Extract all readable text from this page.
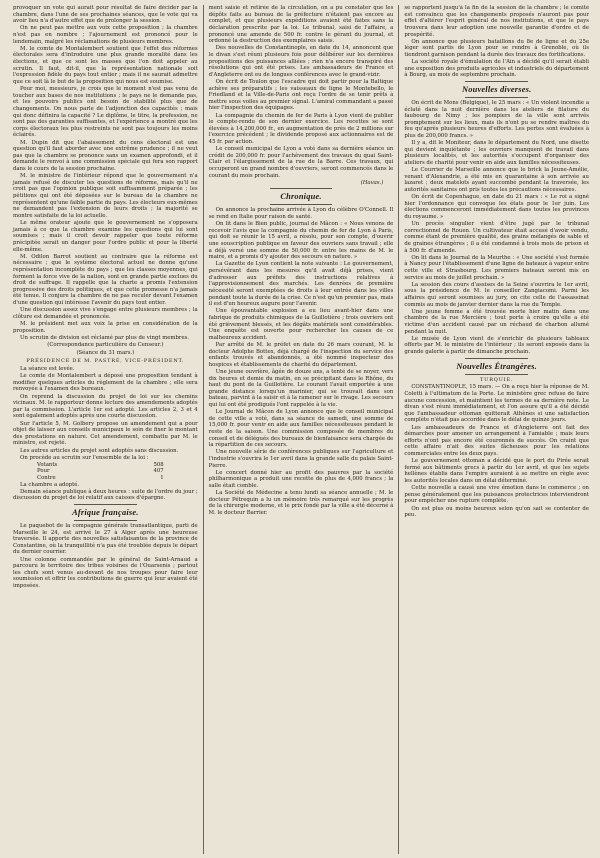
provoquer un vote qui aurait pour résultat de faire décider par la chambre, dans l'une de ses prochaines séances, que le vote qui va avoir lieu n'a d'autre effet que de prolonger la session.

On ne peut pas mettre aux voix cette proposition ; la chambre n'est pas en nombre ; l'ajournement est prononcé pour le lendemain, malgré les réclamations de plusieurs membres.

M. le comte de Montalembert soutient que l'effet des réformes électorales sera d'introduire une plus grande moralité dans les élections, et que ce sont les masses que l'on doit appeler au scrutin. Il faut, dit-il, que la représentation nationale soit l'expression fidèle du pays tout entier ; mais il ne saurait admettre que ce soit là le but de la proposition qui nous est soumise.

Pour moi, messieurs, je crois que le moment n'est pas venu de toucher aux bases de nos institutions ; le pays ne le demande pas, et les pouvoirs publics ont besoin de stabilité plus que de changements. On nous parle de l'adjonction des capacités ; mais qui donc définira la capacité ? Le diplôme, le titre, la profession, ne sont pas des garanties suffisantes, et l'expérience a montré que les corps électoraux les plus restreints ne sont pas toujours les moins éclairés.

M. Dupin dit que l'abaissement du cens électoral est une question qu'il faut aborder avec une extrême prudence ; il ne veut pas que la chambre se prononce sans un examen approfondi, et il demande le renvoi à une commission spéciale qui fera son rapport dans le cours de la session prochaine.

M. le ministre de l'intérieur répond que le gouvernement n'a jamais refusé de discuter les questions de réforme, mais qu'il ne croit pas que l'opinion publique soit suffisamment préparée ; les pétitions qui ont été déposées sur le bureau de la chambre ne représentent qu'une faible partie du pays. Les électeurs eux-mêmes ne demandent pas l'extension de leurs droits ; la majorité se montre satisfaite de la loi actuelle.

Le même orateur ajoute que le gouvernement ne s'opposera jamais à ce que la chambre examine les questions qui lui sont soumises ; mais il croit devoir rappeler que toute réforme précipitée serait un danger pour l'ordre public et pour la liberté elle-même.

M. Odilon Barrot soutient au contraire que la réforme est nécessaire ; que le système électoral actuel ne donne qu'une représentation incomplète du pays ; que les classes moyennes, qui forment la force vive de la nation, sont en grande partie exclues du droit de suffrage. Il rappelle que la charte a promis l'extension progressive des droits politiques, et que cette promesse n'a jamais été tenue. Il conjure la chambre de ne pas reculer devant l'examen d'une question qui intéresse l'avenir du pays tout entier.

Une discussion assez vive s'engage entre plusieurs membres ; la clôture est demandée et prononcée.

M. le président met aux voix la prise en considération de la proposition.

Un scrutin de division est réclamé par plus de vingt membres.

(Correspondance particulière du Censeur.)
(Séance du 31 mars.)
PRÉSIDENCE DE M. PASTRÉ, VICE-PRÉSIDENT.

La séance est levée.

Le comte de Montalembert a déposé une proposition tendant à modifier quelques articles du règlement de la chambre ; elle sera renvoyée à l'examen des bureaux.

On reprend la discussion du projet de loi sur les chemins vicinaux. M. le rapporteur donne lecture des amendements adoptés par la commission. L'article 1er est adopté. Les articles 2, 3 et 4 sont également adoptés après une courte discussion.

Sur l'article 5, M. Golbery propose un amendement qui a pour objet de laisser aux conseils municipaux le soin de fixer le montant des prestations en nature. Cet amendement, combattu par M. le ministre, est rejeté.

Les autres articles du projet sont adoptés sans discussion.

On procède au scrutin sur l'ensemble de la loi :

Votants	508
Pour	407
Contre	1

La chambre a adopté.

Demain séance publique à deux heures : suite de l'ordre du jour ; discussion du projet de loi relatif aux caisses d'épargne.

Afrique française.

Le paquebot de la compagnie générale transatlantique, parti de Marseille le 24, est arrivé le 27 à Alger après une heureuse traversée. Il apporte des nouvelles satisfaisantes de la province de Constantine, où la tranquillité n'a pas été troublée depuis le départ du dernier courrier.

Une colonne commandée par le général de Saint-Arnaud a parcouru le territoire des tribus voisines de l'Ouarsenis ; partout les chefs sont venus au-devant de nos troupes pour faire leur soumission et offrir les contributions de guerre qui leur avaient été imposées.

ment saisie et retirée de la circulation, on a pu constater que les dépôts faits au bureau de la préfecture n'étaient pas encore au complet, et que plusieurs expéditions avaient été faites sans la déclaration prescrite par la loi. Le tribunal, saisi de l'affaire, a prononcé une amende de 500 fr. contre le gérant du journal, et ordonné la destruction des exemplaires saisis.

Des nouvelles de Constantinople, en date du 14, annoncent que le divan s'est réuni plusieurs fois pour délibérer sur les dernières propositions des puissances alliées ; rien n'a encore transpiré des résolutions qui ont été prises. Les ambassadeurs de France et d'Angleterre ont eu de longues conférences avec le grand-vizir.

On écrit de Toulon que l'escadre qui doit partir pour la Baltique achève ses préparatifs ; les vaisseaux de ligne le Montebello, le Friedland et la Ville-de-Paris ont reçu l'ordre de se tenir prêts à mettre sous voiles au premier signal. L'amiral commandant a passé hier l'inspection des équipages.

La compagnie du chemin de fer de Paris à Lyon vient de publier le compte-rendu de son dernier exercice. Les recettes se sont élevées à 14,200,000 fr., en augmentation de près de 2 millions sur l'exercice précédent ; le dividende proposé aux actionnaires est de 45 fr. par action.

Le conseil municipal de Lyon a voté dans sa dernière séance un crédit de 200,000 fr. pour l'achèvement des travaux du quai Saint-Clair et l'élargissement de la rue de la Barre. Ces travaux, qui occuperont un grand nombre d'ouvriers, seront commencés dans le courant du mois prochain.

(Havas.)
Chronique.

On annonce la prochaine arrivée à Lyon du célèbre O'Connell. Il se rend en Italie pour raison de santé.

On lit dans le Bien public, journal de Mâcon : « Nous venons de recevoir l'avis que la compagnie du chemin de fer de Lyon à Paris, qui doit se réunir le 15 avril, a résolu, pour son compte, d'ouvrir une souscription publique en faveur des ouvriers sans travail ; elle a déjà versé une somme de 50,000 fr. entre les mains de M. le maire, et a promis d'y ajouter des secours en nature. »

La Gazette de Lyon contient la note suivante : Le gouvernement, persévérant dans les mesures qu'il avait déjà prises, vient d'adresser aux préfets des instructions relatives à l'approvisionnement des marchés. Les denrées de première nécessité seront exemptées de droits à leur entrée dans les villes pendant toute la durée de la crise. Ce n'est qu'un premier pas, mais il est d'un heureux augure pour l'avenir.

Une épouvantable explosion a eu lieu avant-hier dans une fabrique de produits chimiques de la Guillotière ; trois ouvriers ont été grièvement blessés, et les dégâts matériels sont considérables. Une enquête est ouverte pour rechercher les causes de ce malheureux accident.

Par arrêté de M. le préfet en date du 26 mars courant, M. le docteur Adolphe Bottex, déjà chargé de l'inspection du service des enfants trouvés et abandonnés, a été nommé inspecteur des hospices et établissements de charité du département.

Une jeune ouvrière, âgée de douze ans, a tenté de se noyer, vers dix heures et demie du matin, en se précipitant dans le Rhône, du haut du pont de la Guillotière. Le courant l'avait emportée à une grande distance lorsqu'un marinier, qui se trouvait dans son bateau, parvint à la saisir et à la ramener sur le rivage. Les secours qui lui ont été prodigués l'ont rappelée à la vie.

Le Journal de Mâcon de Lyon annonce que le conseil municipal de cette ville a voté, dans sa séance de samedi, une somme de 15,000 fr. pour venir en aide aux familles nécessiteuses pendant le reste de la saison. Une commission composée de membres du conseil et de délégués des bureaux de bienfaisance sera chargée de la répartition de ces secours.

Une nouvelle série de conférences publiques sur l'agriculture et l'industrie s'ouvrira le 1er avril dans la grande salle du palais Saint-Pierre.

Le concert donné hier au profit des pauvres par la société philharmonique a produit une recette de plus de 4,000 francs ; la salle était comble.

La Société de Médecine a tenu lundi sa séance annuelle ; M. le docteur Pétrequin a lu un mémoire très remarqué sur les progrès de la chirurgie moderne, et le prix fondé par la ville a été décerné à M. le docteur Barrier.

se rapportent jusqu'à la fin de la session de la chambre ; le comité est convaincu que les changements proposés n'auront pas pour effet d'altérer l'esprit général de nos institutions, et que le pays trouvera dans leur adoption une nouvelle garantie d'ordre et de prospérité.

On annonce que plusieurs bataillons du 8e de ligne et du 25e léger sont partis de Lyon pour se rendre à Grenoble, où ils tiendront garnison pendant la durée des travaux des fortifications.

La société royale d'émulation de l'Ain a décidé qu'il serait établi une exposition des produits agricoles et industriels du département à Bourg, au mois de septembre prochain.

Nouvelles diverses.

On écrit de Mons (Belgique), le 25 mars : « Un violent incendie a éclaté dans la nuit dernière dans les ateliers de filature du faubourg de Nimy ; les pompiers de la ville sont arrivés promptement sur les lieux, mais ils n'ont pu se rendre maîtres du feu qu'après plusieurs heures d'efforts. Les pertes sont évaluées à plus de 200,000 francs. »

Il y a, dit le Moniteur, dans le département du Nord, une disette qui devient inquiétante ; les ouvriers manquent de travail dans plusieurs localités, et les autorités s'occupent d'organiser des ateliers de charité pour venir en aide aux familles nécessiteuses.

Le Courrier de Marseille annonce que le brick la Jeune-Amélie, venant d'Alexandrie, a été mis en quarantaine à son arrivée au lazaret ; deux matelots ayant succombé pendant la traversée, les autorités sanitaires ont pris toutes les précautions nécessaires.

On écrit de Copenhague, en date du 21 mars : « Le roi a signé hier l'ordonnance qui convoque les états pour le 1er juin. Les élections commenceront immédiatement dans toutes les provinces du royaume. »

Un procès singulier vient d'être jugé par le tribunal correctionnel de Rouen. Un cultivateur était accusé d'avoir vendu, comme étant de première qualité, des grains mélangés de sable et de graines étrangères ; il a été condamné à trois mois de prison et à 500 fr. d'amende.

On lit dans le Journal de la Meurthe : « Une société s'est formée à Nancy pour l'établissement d'une ligne de bateaux à vapeur entre cette ville et Strasbourg. Les premiers bateaux seront mis en service au mois de juillet prochain. »

La session des cours d'assises de la Seine s'ouvrira le 1er avril, sous la présidence de M. le conseiller Zangiacomi. Parmi les affaires qui seront soumises au jury, on cite celle de l'assassinat commis au mois de janvier dernier dans la rue du Temple.

Une jeune femme a été trouvée morte hier matin dans une chambre de la rue Mercière ; tout porte à croire qu'elle a été victime d'un accident causé par un réchaud de charbon allumé pendant la nuit.

Le musée de Lyon vient de s'enrichir de plusieurs tableaux offerts par M. le ministre de l'intérieur ; ils seront exposés dans la grande galerie à partir de dimanche prochain.

Nouvelles Étrangères.
TURQUIE.

CONSTANTINOPLE, 15 mars. — On a reçu hier la réponse de M. Coletti à l'ultimatum de la Porte. Le ministère grec refuse de faire aucune concession, et maintient les termes de sa dernière note. Le divan s'est réuni immédiatement, et l'on assure qu'il a été décidé que l'ambassadeur ottoman quitterait Athènes si une satisfaction complète n'était pas accordée dans le délai de quinze jours.

Les ambassadeurs de France et d'Angleterre ont fait des démarches pour amener un arrangement à l'amiable ; mais leurs efforts n'ont pas encore été couronnés de succès. On craint que cette affaire n'ait des suites fâcheuses pour les relations commerciales entre les deux pays.

Le gouvernement ottoman a décidé que le port du Pirée serait fermé aux bâtiments grecs à partir du 1er avril, et que les sujets hellènes établis dans l'empire auraient à se mettre en règle avec les autorités locales dans un délai déterminé.

Cette nouvelle a causé une vive émotion dans le commerce ; on pense généralement que les puissances protectrices interviendront pour empêcher une rupture complète.

On est plus ou moins heureux selon qu'on sait se contenter de peu.
